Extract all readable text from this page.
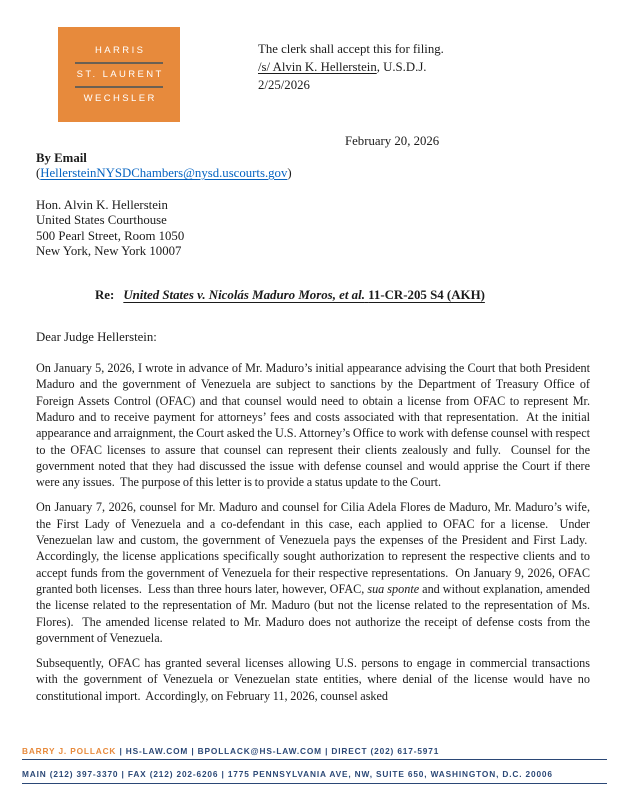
HARRIS
ST. LAURENT
WECHSLER
The clerk shall accept this for filing.
/s/ Alvin K. Hellerstein, U.S.D.J.
2/25/2026
February 20, 2026
By Email
(HellersteinNYSDChambers@nysd.uscourts.gov)
Hon. Alvin K. Hellerstein
United States Courthouse
500 Pearl Street, Room 1050
New York, New York 10007
Re: United States v. Nicolás Maduro Moros, et al. 11-CR-205 S4 (AKH)
Dear Judge Hellerstein:

On January 5, 2026, I wrote in advance of Mr. Maduro’s initial appearance advising the Court that both President Maduro and the government of Venezuela are subject to sanctions by the Department of Treasury Office of Foreign Assets Control (OFAC) and that counsel would need to obtain a license from OFAC to represent Mr. Maduro and to receive payment for attorneys’ fees and costs associated with that representation.  At the initial appearance and arraignment, the Court asked the U.S. Attorney’s Office to work with defense counsel with respect to the OFAC licenses to assure that counsel can represent their clients zealously and fully.  Counsel for the government noted that they had discussed the issue with defense counsel and would apprise the Court if there were any issues.  The purpose of this letter is to provide a status update to the Court.

On January 7, 2026, counsel for Mr. Maduro and counsel for Cilia Adela Flores de Maduro, Mr. Maduro’s wife, the First Lady of Venezuela and a co-defendant in this case, each applied to OFAC for a license.  Under Venezuelan law and custom, the government of Venezuela pays the expenses of the President and First Lady.  Accordingly, the license applications specifically sought authorization to represent the respective clients and to accept funds from the government of Venezuela for their respective representations.  On January 9, 2026, OFAC granted both licenses.  Less than three hours later, however, OFAC, sua sponte and without explanation, amended the license related to the representation of Mr. Maduro (but not the license related to the representation of Ms. Flores).  The amended license related to Mr. Maduro does not authorize the receipt of defense costs from the government of Venezuela.

Subsequently, OFAC has granted several licenses allowing U.S. persons to engage in commercial transactions with the government of Venezuela or Venezuelan state entities, where denial of the license would have no constitutional import.  Accordingly, on February 11, 2026, counsel asked

BARRY J. POLLACK | HS-LAW.COM | BPOLLACK@HS-LAW.COM | DIRECT (202) 617-5971
MAIN (212) 397-3370 | FAX (212) 202-6206 | 1775 PENNSYLVANIA AVE, NW, SUITE 650, WASHINGTON, D.C. 20006
